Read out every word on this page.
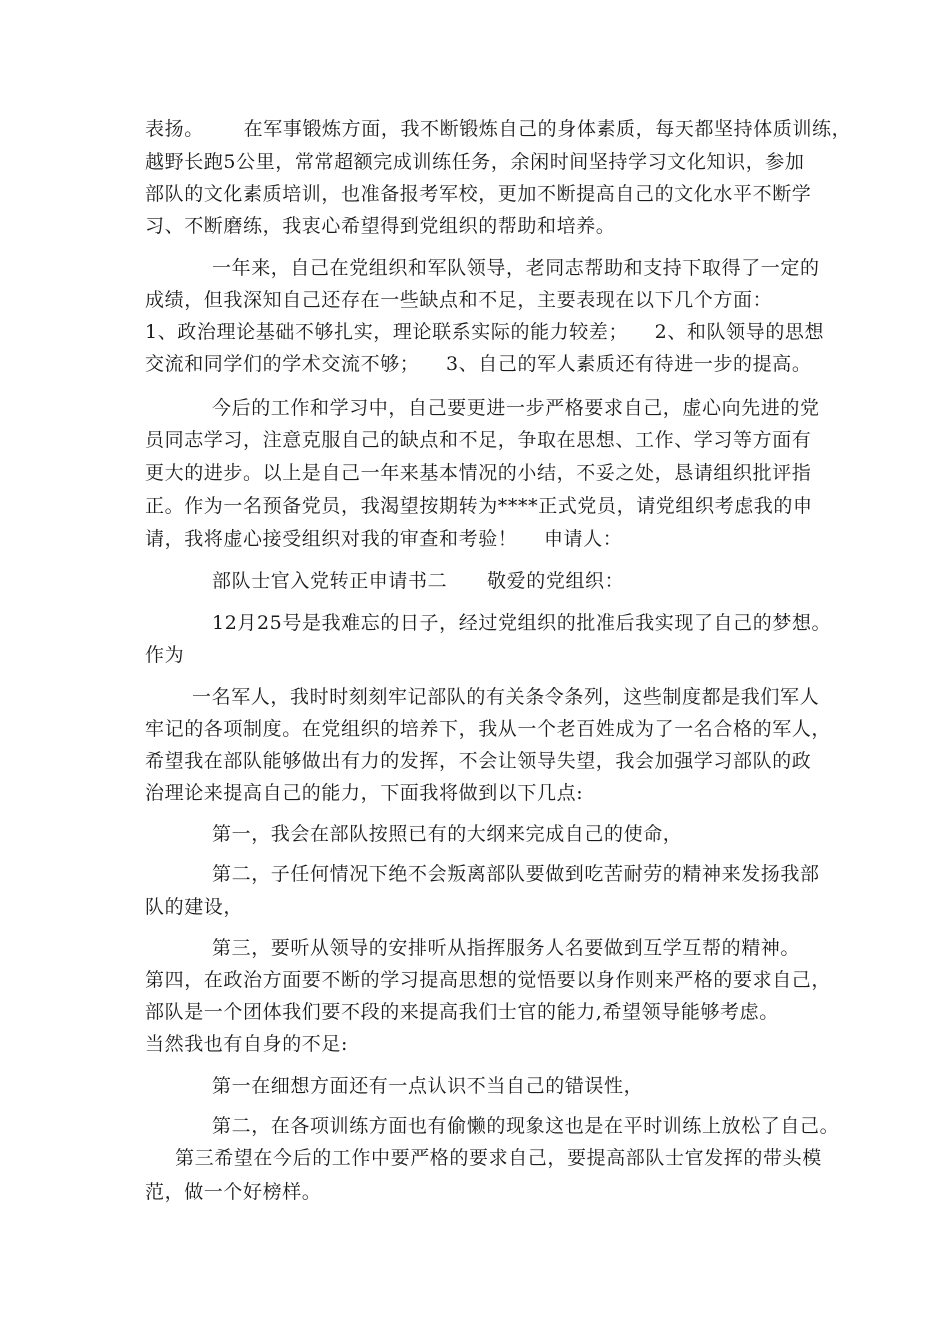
表扬。      在军事锻炼方面，我不断锻炼自己的身体素质，每天都坚持体质训练，
越野长跑5公里，常常超额完成训练任务，余闲时间坚持学习文化知识，参加
部队的文化素质培训，也准备报考军校，更加不断提高自己的文化水平不断学
习、不断磨练，我衷心希望得到党组织的帮助和培养。
一年来，自己在党组织和军队领导，老同志帮助和支持下取得了一定的
成绩，但我深知自己还存在一些缺点和不足，主要表现在以下几个方面：
1、政治理论基础不够扎实，理论联系实际的能力较差；    2、和队领导的思想
交流和同学们的学术交流不够；    3、自己的军人素质还有待进一步的提高。
今后的工作和学习中，自己要更进一步严格要求自己，虚心向先进的党
员同志学习，注意克服自己的缺点和不足，争取在思想、工作、学习等方面有
更大的进步。以上是自己一年来基本情况的小结，不妥之处，恳请组织批评指
正。作为一名预备党员，我渴望按期转为****正式党员，请党组织考虑我的申
请，我将虚心接受组织对我的审查和考验！    申请人：
部队士官入党转正申请书二      敬爱的党组织：
12月25号是我难忘的日子，经过党组织的批准后我实现了自己的梦想。
作为
一名军人，我时时刻刻牢记部队的有关条令条列，这些制度都是我们军人
牢记的各项制度。在党组织的培养下，我从一个老百姓成为了一名合格的军人，
希望我在部队能够做出有力的发挥，不会让领导失望，我会加强学习部队的政
治理论来提高自己的能力，下面我将做到以下几点:
第一，我会在部队按照已有的大纲来完成自己的使命，
第二，子任何情况下绝不会叛离部队要做到吃苦耐劳的精神来发扬我部
队的建设，
第三，要听从领导的安排听从指挥服务人名要做到互学互帮的精神。
第四，在政治方面要不断的学习提高思想的觉悟要以身作则来严格的要求自己，
部队是一个团体我们要不段的来提高我们士官的能力,希望领导能够考虑。
当然我也有自身的不足:
第一在细想方面还有一点认识不当自己的错误性，
第二，在各项训练方面也有偷懒的现象这也是在平时训练上放松了自己。
第三希望在今后的工作中要严格的要求自己，要提高部队士官发挥的带头模
范，做一个好榜样。
